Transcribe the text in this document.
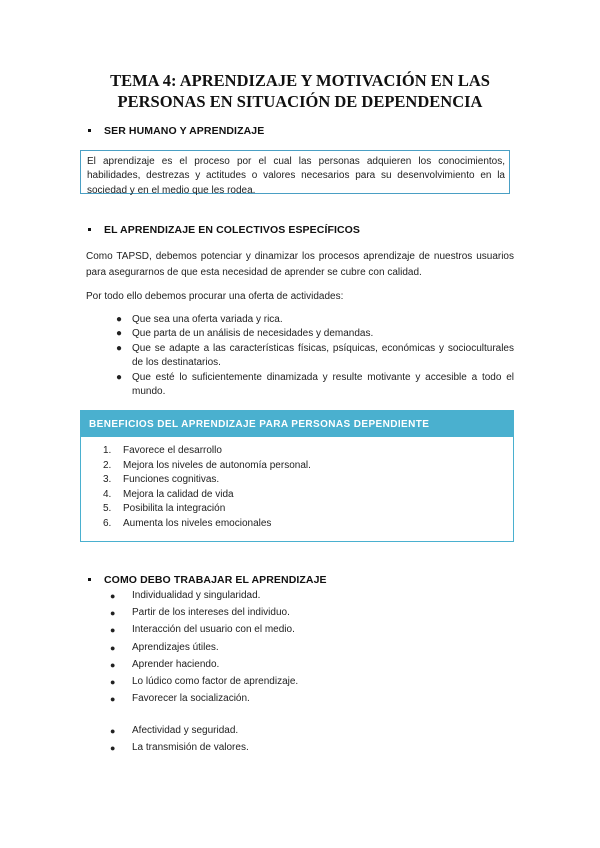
TEMA 4: APRENDIZAJE Y MOTIVACIÓN EN LAS
PERSONAS EN SITUACIÓN DE DEPENDENCIA
SER HUMANO Y APRENDIZAJE
El aprendizaje es el proceso por el cual las personas adquieren los conocimientos, habilidades, destrezas y actitudes o valores necesarios para su desenvolvimiento en la sociedad y en el medio que les rodea.
EL APRENDIZAJE EN COLECTIVOS ESPECÍFICOS
Como TAPSD, debemos potenciar y dinamizar los procesos aprendizaje de nuestros usuarios para asegurarnos de que esta necesidad de aprender se cubre con calidad.
Por todo ello debemos procurar una oferta de actividades:
● Que sea una oferta variada y rica.
● Que parta de un análisis de necesidades y demandas.
● Que se adapte a las características físicas, psíquicas, económicas y socioculturales de los destinatarios.
● Que esté lo suficientemente dinamizada y resulte motivante y accesible a todo el mundo.
BENEFICIOS DEL APRENDIZAJE PARA PERSONAS DEPENDIENTE
1. Favorece el desarrollo
2. Mejora los niveles de autonomía personal.
3. Funciones cognitivas.
4. Mejora la calidad de vida
5. Posibilita la integración
6. Aumenta los niveles emocionales
COMO DEBO TRABAJAR EL APRENDIZAJE
● Individualidad y singularidad.
● Partir de los intereses del individuo.
● Interacción del usuario con el medio.
● Aprendizajes útiles.
● Aprender haciendo.
● Lo lúdico como factor de aprendizaje.
● Favorecer la socialización.
● Afectividad y seguridad.
● La transmisión de valores.
